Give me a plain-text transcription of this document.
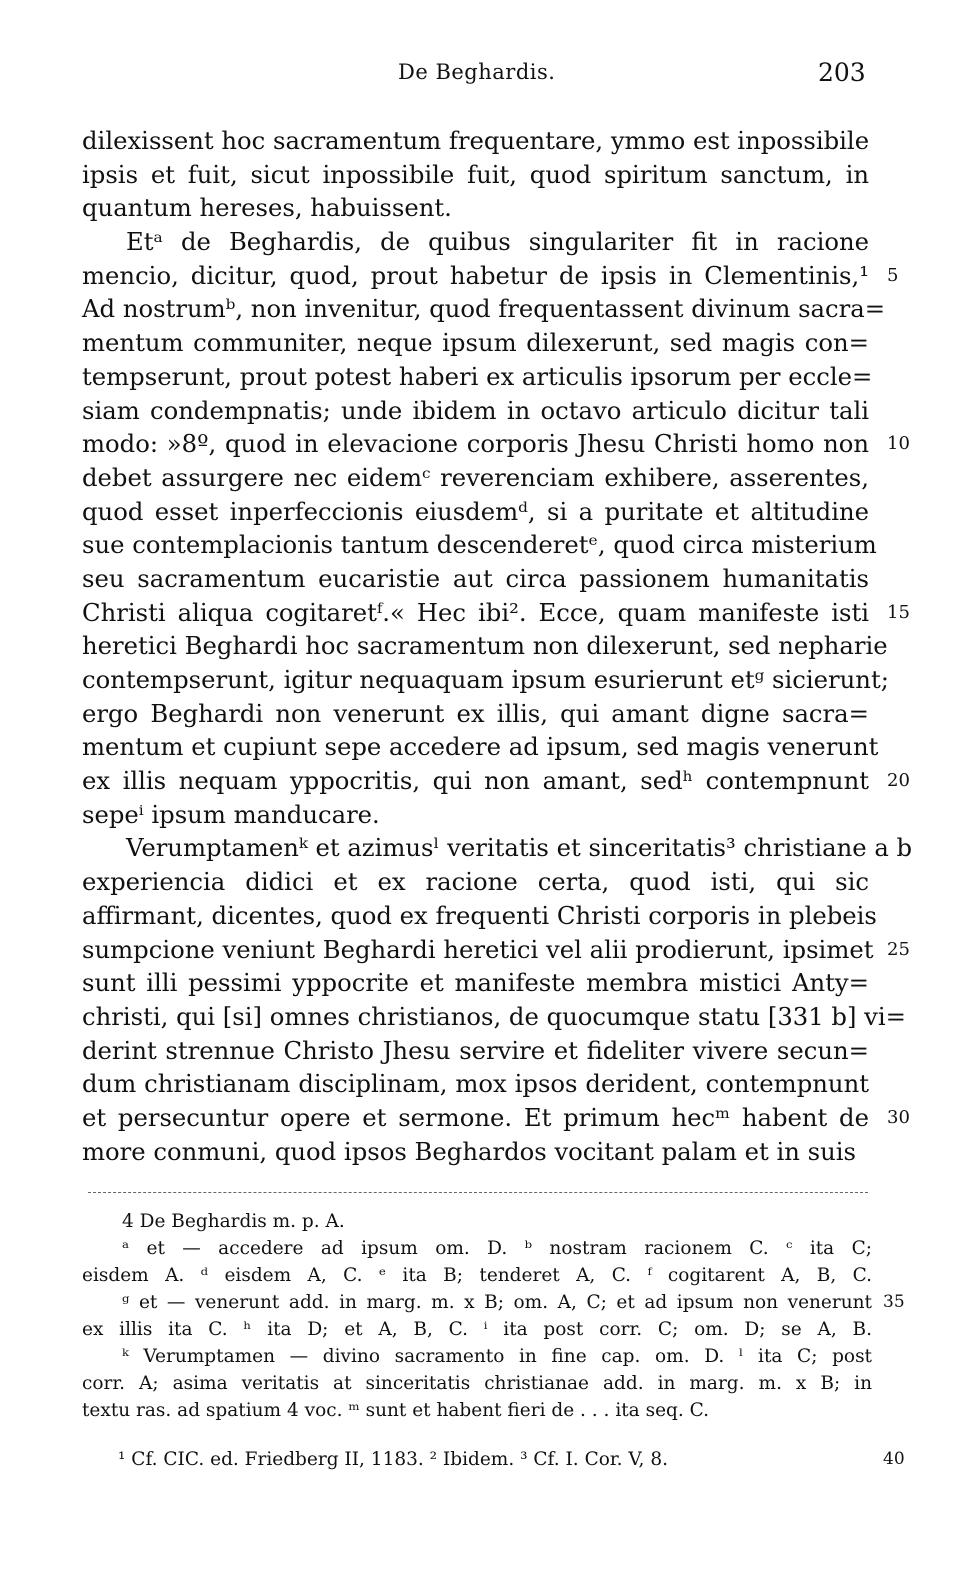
De Beghardis.	203
dilexissent hoc sacramentum frequentare, ymmo est inpossibile
ipsis et fuit, sicut inpossibile fuit, quod spiritum sanctum, in
quantum hereses, habuissent.
Etᵃ de Beghardis, de quibus singulariter fit in racione
mencio, dicitur, quod, prout habetur de ipsis in Clementinis,¹ 5
Ad nostrumᵇ, non invenitur, quod frequentassent divinum sacra=
mentum communiter, neque ipsum dilexerunt, sed magis con=
tempserunt, prout potest haberi ex articulis ipsorum per eccle=
siam condempnatis; unde ibidem in octavo articulo dicitur tali
modo: »8º, quod in elevacione corporis Jhesu Christi homo non 10
debet assurgere nec eidemᶜ reverenciam exhibere, asserentes,
quod esset inperfeccionis eiusdemᵈ, si a puritate et altitudine
sue contemplacionis tantum descenderetᵉ, quod circa misterium
seu sacramentum eucaristie aut circa passionem humanitatis
Christi aliqua cogitaretᶠ.« Hec ibi². Ecce, quam manifeste isti 15
heretici Beghardi hoc sacramentum non dilexerunt, sed nepharie
contempserunt, igitur nequaquam ipsum esurierunt etᵍ sicierunt;
ergo Beghardi non venerunt ex illis, qui amant digne sacra=
mentum et cupiunt sepe accedere ad ipsum, sed magis venerunt
ex illis nequam yppocritis, qui non amant, sedʰ contempnunt 20
sepeⁱ ipsum manducare.
Verumptamenᵏ et azimusˡ veritatis et sinceritatis³ christiane a b
experiencia didici et ex racione certa, quod isti, qui sic
affirmant, dicentes, quod ex frequenti Christi corporis in plebeis
sumpcione veniunt Beghardi heretici vel alii prodierunt, ipsimet 25
sunt illi pessimi yppocrite et manifeste membra mistici Anty=
christi, qui [si] omnes christianos, de quocumque statu [331 b] vi=
derint strennue Christo Jhesu servire et fideliter vivere secun=
dum christianam disciplinam, mox ipsos derident, contempnunt
et persecuntur opere et sermone. Et primum hecᵐ habent de 30
more conmuni, quod ipsos Beghardos vocitant palam et in suis
4 De Beghardis m. p. A.
ᵃ et — accedere ad ipsum om. D. ᵇ nostram racionem C. ᶜ ita C;
eisdem A. ᵈ eisdem A, C. ᵉ ita B; tenderet A, C. ᶠ cogitarent A, B, C.
ᵍ et — venerunt add. in marg. m. x B; om. A, C; et ad ipsum non venerunt 35
ex illis ita C. ʰ ita D; et A, B, C. ⁱ ita post corr. C; om. D; se A, B.
ᵏ Verumptamen — divino sacramento in fine cap. om. D. ˡ ita C; post
corr. A; asima veritatis at sinceritatis christianae add. in marg. m. x B; in
textu ras. ad spatium 4 voc. ᵐ sunt et habent fieri de . . . ita seq. C.
¹ Cf. CIC. ed. Friedberg II, 1183. ² Ibidem. ³ Cf. I. Cor. V, 8.	40
